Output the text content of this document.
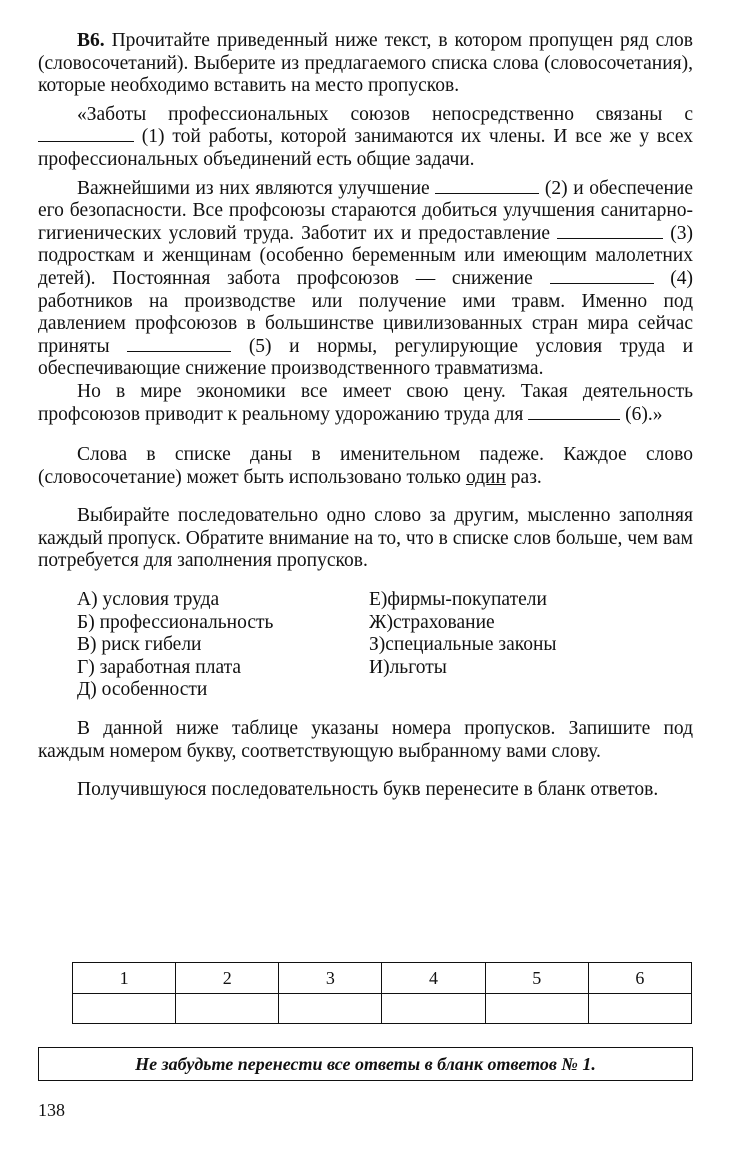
В6. Прочитайте приведенный ниже текст, в котором пропущен ряд слов (словосочетаний). Выберите из предлагаемого списка слова (словосочетания), которые необходимо вставить на место пропусков.

«Заботы профессиональных союзов непосредственно связаны с  (1) той работы, которой занимаются их члены. И все же у всех профессиональных объединений есть общие задачи.

Важнейшими из них являются улучшение	(2) и обеспечение его безопасности. Все профсоюзы стараются добиться улучшения санитарно-гигиенических условий труда. Заботит их и предоставление	(3) подросткам и женщинам (особенно беременным или имеющим малолетних детей). Постоянная забота профсоюзов — снижение	(4) работников на производстве или получение ими травм. Именно под давлением профсоюзов в большинстве цивилизованных стран мира сейчас приняты	(5) и нормы, регулирующие условия труда и обеспечивающие снижение производственного травматизма.

Но в мире экономики все имеет свою цену. Такая деятельность профсоюзов приводит к реальному удорожанию труда для	(6).»

Слова в списке даны в именительном падеже. Каждое слово (словосочетание) может быть использовано только один раз.

Выбирайте последовательно одно слово за другим, мысленно заполняя каждый пропуск. Обратите внимание на то, что в списке слов больше, чем вам потребуется для заполнения пропусков.

А) условия труда
Б) профессиональность
В) риск гибели
Г) заработная плата
Д) особенности
Е)фирмы-покупатели
Ж)страхование
З)специальные законы
И)льготы

В данной ниже таблице указаны номера пропусков. Запишите под каждым номером букву, соответствующую выбранному вами слову.

Получившуюся последовательность букв перенесите в бланк ответов.

1	2	3	4	5	6

Не забудьте перенести все ответы в бланк ответов № 1.
138
